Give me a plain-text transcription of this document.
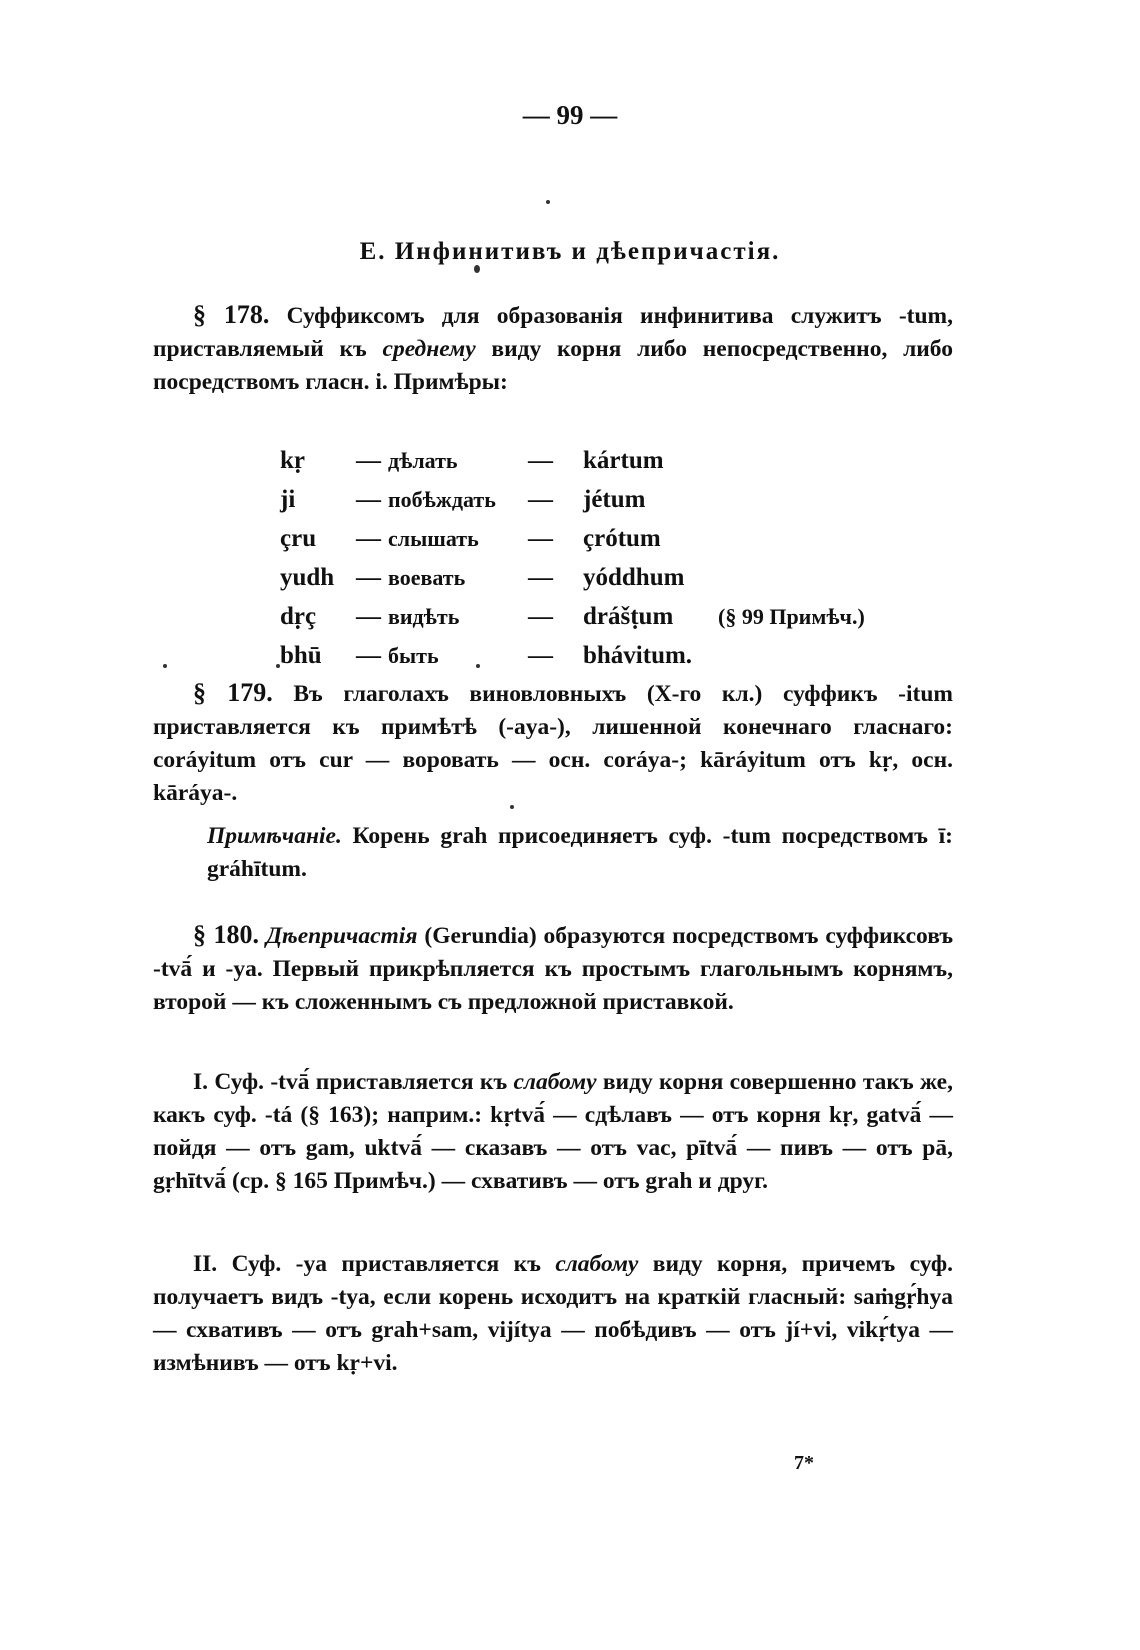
— 99 —
E. Инфинитивъ и дѣепричастія.
§ 178. Суффиксомъ для образованія инфинитива служитъ -tum, приставляемый къ среднему виду корня либо непосредственно, либо посредствомъ гласн. i. Примѣры:
kṛ	—	дѣлать	—	kártum	
ji	—	побѣждать	—	jétum	
çru	—	слышать	—	çrótum	
yudh	—	воевать	—	yóddhum	
dṛç	—	видѣть	—	drášṭum	(§ 99 Примѣч.)
bhū	—	быть	—	bhávitum.	
§ 179. Въ глаголахъ виновловныхъ (X-го кл.) суффикъ -itum приставляется къ примѣтѣ (-aya-), лишенной конечнаго гласнаго: coráyitum отъ cur — воровать — осн. coráya-; kāráyitum отъ kṛ, осн. kāráya-.
Примѣчаніе. Корень grah присоединяетъ суф. -tum посредствомъ ī: gráhītum.
§ 180. Дѣепричастія (Gerundia) образуются посредствомъ суффиксовъ -tvā́ и -ya. Первый прикрѣпляется къ простымъ глагольнымъ корнямъ, второй — къ сложеннымъ съ предложной приставкой.
I. Суф. -tvā́ приставляется къ слабому виду корня совершенно такъ же, какъ суф. -tá (§ 163); наприм.: kṛtvā́ — сдѣлавъ — отъ корня kṛ, gatvā́ — пойдя — отъ gam, uktvā́ — сказавъ — отъ vac, pītvā́ — пивъ — отъ pā, gṛhītvā́ (ср. § 165 Примѣч.) — схвативъ — отъ grah и друг.
II. Суф. -ya приставляется къ слабому виду корня, причемъ суф. получаетъ видъ -tya, если корень исходитъ на краткій гласный: saṁgṛ́hya — схвативъ — отъ grah+sam, vijítya — побѣдивъ — отъ jí+vi, vikṛ́tya — измѣнивъ — отъ kṛ+vi.
7*
